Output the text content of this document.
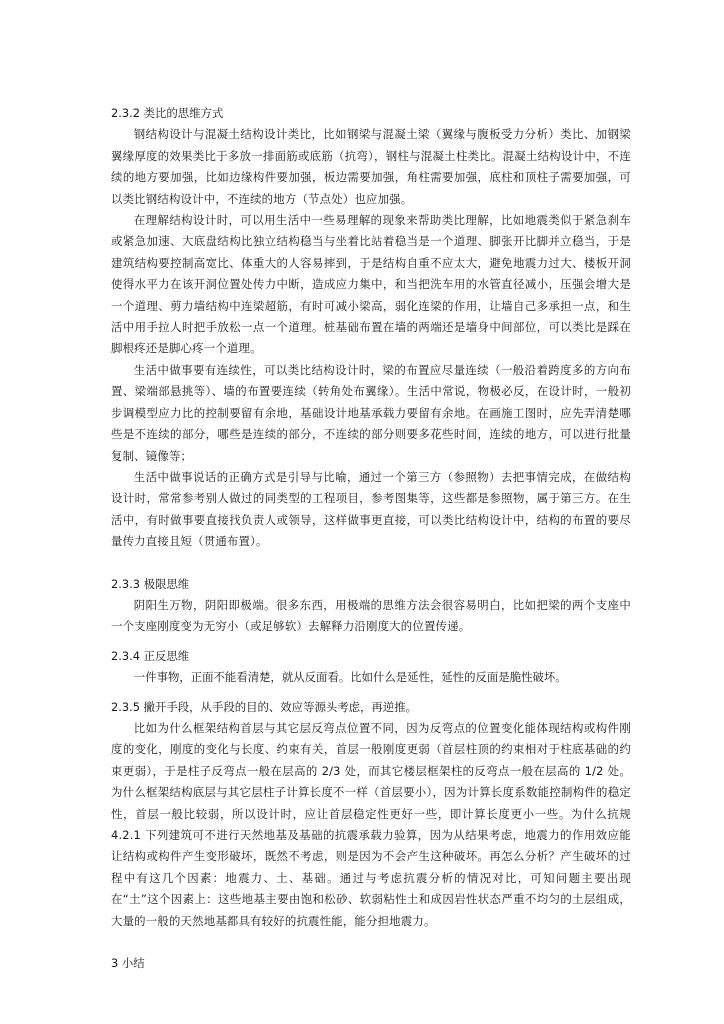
2.3.2 类比的思维方式

钢结构设计与混凝土结构设计类比，比如钢梁与混凝土梁（翼缘与腹板受力分析）类比、加钢梁翼缘厚度的效果类比于多放一排面筋或底筋（抗弯），钢柱与混凝土柱类比。混凝土结构设计中，不连续的地方要加强，比如边缘构件要加强，板边需要加强，角柱需要加强，底柱和顶柱子需要加强，可以类比钢结构设计中，不连续的地方（节点处）也应加强。

在理解结构设计时，可以用生活中一些易理解的现象来帮助类比理解，比如地震类似于紧急刹车或紧急加速、大底盘结构比独立结构稳当与坐着比站着稳当是一个道理、脚张开比脚并立稳当，于是建筑结构要控制高宽比、体重大的人容易摔到，于是结构自重不应太大，避免地震力过大、楼板开洞使得水平力在该开洞位置处传力中断，造成应力集中，和当把洗车用的水管直径减小，压强会增大是一个道理、剪力墙结构中连梁超筋，有时可减小梁高，弱化连梁的作用，让墙自己多承担一点，和生活中用手拉人时把手放松一点一个道理。桩基础布置在墙的两端还是墙身中间部位，可以类比是踩在脚根疼还是脚心疼一个道理。

生活中做事要有连续性，可以类比结构设计时，梁的布置应尽量连续（一般沿着跨度多的方向布置、梁端部悬挑等）、墙的布置要连续（转角处布翼缘）。生活中常说，物极必反，在设计时，一般初步调模型应力比的控制要留有余地，基础设计地基承载力要留有余地。在画施工图时，应先弄清楚哪些是不连续的部分，哪些是连续的部分，不连续的部分则要多花些时间，连续的地方，可以进行批量复制、镜像等；

生活中做事说话的正确方式是引导与比喻，通过一个第三方（参照物）去把事情完成，在做结构设计时，常常参考别人做过的同类型的工程项目，参考图集等，这些都是参照物，属于第三方。在生活中，有时做事要直接找负责人或领导，这样做事更直接，可以类比结构设计中，结构的布置的要尽量传力直接且短（贯通布置）。

2.3.3 极限思维

阴阳生万物，阴阳即极端。很多东西，用极端的思维方法会很容易明白，比如把梁的两个支座中一个支座刚度变为无穷小（或足够软）去解释力沿刚度大的位置传递。

2.3.4 正反思维

一件事物，正面不能看清楚，就从反面看。比如什么是延性，延性的反面是脆性破坏。

2.3.5 撇开手段，从手段的目的、效应等源头考虑，再逆推。

比如为什么框架结构首层与其它层反弯点位置不同，因为反弯点的位置变化能体现结构或构件刚度的变化，刚度的变化与长度、约束有关，首层一般刚度更弱（首层柱顶的约束相对于柱底基础的约束更弱），于是柱子反弯点一般在层高的 2/3 处，而其它楼层框架柱的反弯点一般在层高的 1/2 处。为什么框架结构底层与其它层柱子计算长度不一样（首层要小），因为计算长度系数能控制构件的稳定性，首层一般比较弱，所以设计时，应让首层稳定性更好一些，即计算长度更小一些。为什么抗规 4.2.1 下列建筑可不进行天然地基及基础的抗震承载力验算，因为从结果考虑，地震力的作用效应能让结构或构件产生变形破坏，既然不考虑，则是因为不会产生这种破坏。再怎么分析？产生破坏的过程中有这几个因素：地震力、土、基础。通过与考虑抗震分析的情况对比，可知问题主要出现在“土”这个因素上：这些地基主要由饱和松砂、软弱粘性土和成因岩性状态严重不均匀的土层组成，大量的一般的天然地基都具有较好的抗震性能，能分担地震力。

3 小结
